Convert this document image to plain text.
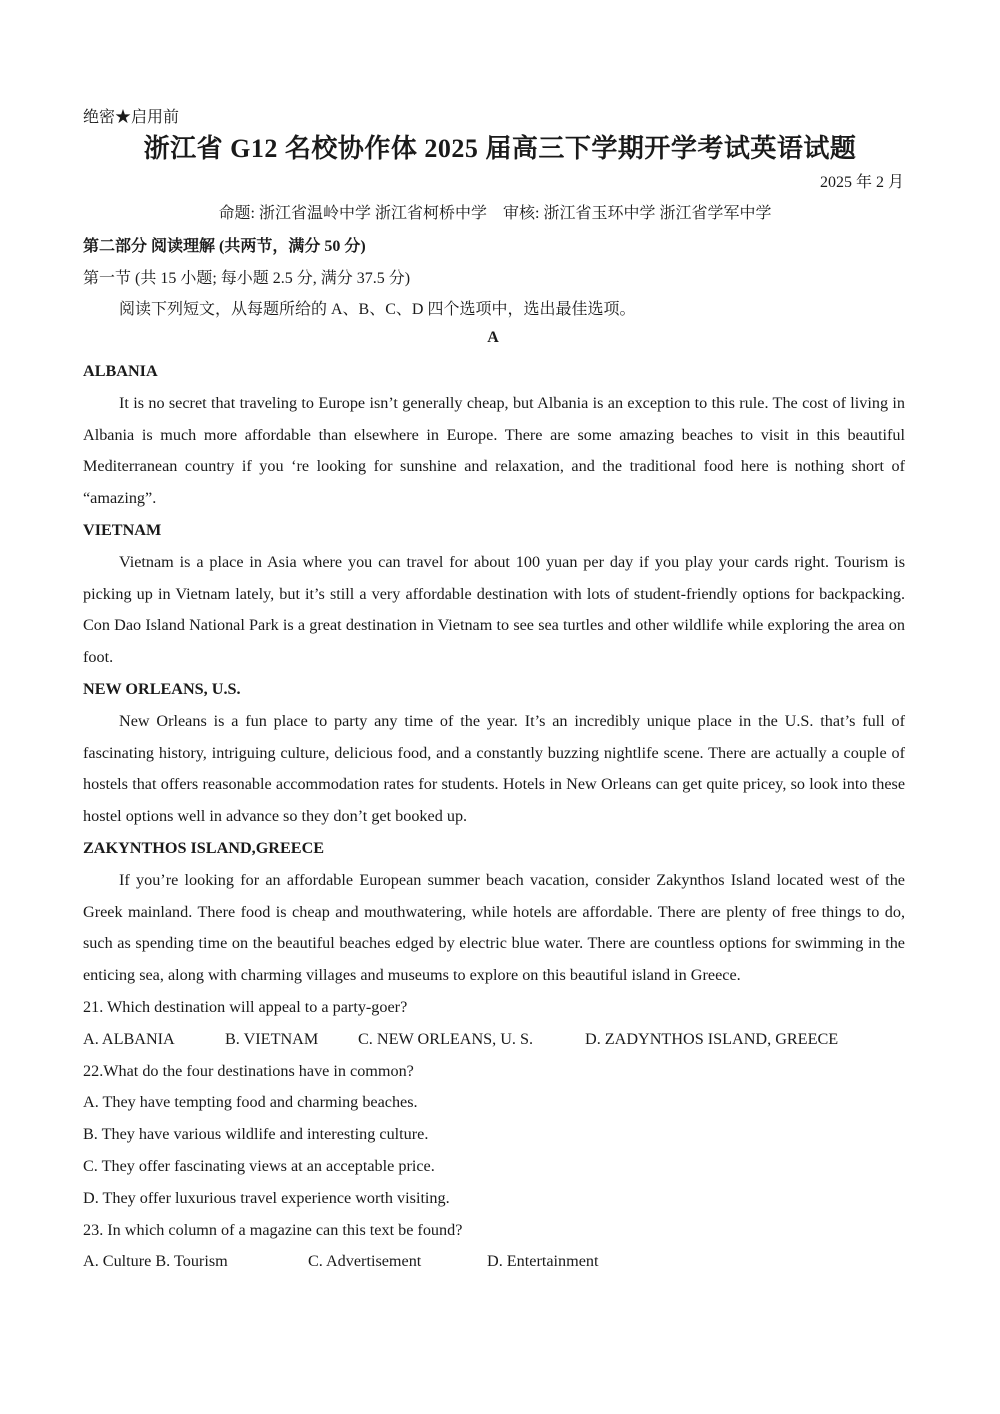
绝密★启用前
浙江省 G12 名校协作体 2025 届高三下学期开学考试英语试题
2025 年 2 月
命题: 浙江省温岭中学 浙江省柯桥中学　审核: 浙江省玉环中学 浙江省学军中学
第二部分 阅读理解 (共两节，满分 50 分)
第一节 (共 15 小题; 每小题 2.5 分, 满分 37.5 分)
阅读下列短文，从每题所给的 A、B、C、D 四个选项中，选出最佳选项。
A

ALBANIA

It is no secret that traveling to Europe isn’t generally cheap, but Albania is an exception to this rule. The cost of living in Albania is much more affordable than elsewhere in Europe. There are some amazing beaches to visit in this beautiful Mediterranean country if you ‘re looking for sunshine and relaxation, and the traditional food here is nothing short of “amazing”.

VIETNAM

Vietnam is a place in Asia where you can travel for about 100 yuan per day if you play your cards right. Tourism is picking up in Vietnam lately, but it’s still a very affordable destination with lots of student-friendly options for backpacking. Con Dao Island National Park is a great destination in Vietnam to see sea turtles and other wildlife while exploring the area on foot.

NEW ORLEANS, U.S.

New Orleans is a fun place to party any time of the year. It’s an incredibly unique place in the U.S. that’s full of fascinating history, intriguing culture, delicious food, and a constantly buzzing nightlife scene. There are actually a couple of hostels that offers reasonable accommodation rates for students. Hotels in New Orleans can get quite pricey, so look into these hostel options well in advance so they don’t get booked up.

ZAKYNTHOS ISLAND,GREECE

If you’re looking for an affordable European summer beach vacation, consider Zakynthos Island located west of the Greek mainland. There food is cheap and mouthwatering, while hotels are affordable. There are plenty of free things to do, such as spending time on the beautiful beaches edged by electric blue water. There are countless options for swimming in the enticing sea, along with charming villages and museums to explore on this beautiful island in Greece.

21. Which destination will appeal to a party-goer?

A. ALBANIA	B. VIETNAM	C. NEW ORLEANS, U. S.	D. ZADYNTHOS ISLAND, GREECE

22.What do the four destinations have in common?

A. They have tempting food and charming beaches.

B. They have various wildlife and interesting culture.

C. They offer fascinating views at an acceptable price.

D. They offer luxurious travel experience worth visiting.

23. In which column of a magazine can this text be found?

A. Culture B. Tourism	C. Advertisement	D. Entertainment
